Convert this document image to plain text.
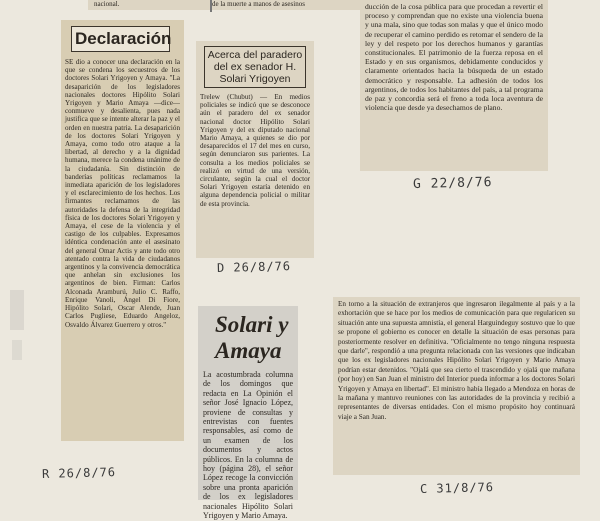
nacional.	de la muerte a manos de asesinos
Declaración

SE dio a conocer una declaración en la que se condena los secuestros de los doctores Solari Yrigoyen y Amaya. "La desaparición de los legisladores nacionales doctores Hipólito Solari Yrigoyen y Mario Amaya —dice— conmueve y desalienta, pues nada justifica que se intente alterar la paz y el orden en nuestra patria. La desaparición de los doctores Solari Yrigoyen y Amaya, como todo otro ataque a la libertad, al derecho y a la dignidad humana, merece la condena unánime de la ciudadanía. Sin distinción de banderías políticas reclamamos la inmediata aparición de los legisladores y el esclarecimiento de los hechos. Los firmantes reclamamos de las autoridades la defensa de la integridad física de los doctores Solari Yrigoyen y Amaya, el cese de la violencia y el castigo de los culpables. Expresamos idéntica condenación ante el asesinato del general Omar Actis y ante todo otro atentado contra la vida de ciudadanos argentinos y la convivencia democrática que anhelan sin exclusiones los argentinos de bien. Firman: Carlos Alconada Aramburú, Julio C. Raffo, Enrique Vanoli, Ángel Di Fiore, Hipólito Solari, Oscar Alende, Juan Carlos Pugliese, Eduardo Angeloz, Osvaldo Álvarez Guerrero y otros."

R 26/8/76
Acerca del paradero del ex senador H. Solari Yrigoyen

Trelew (Chubut) — En medios policiales se indicó que se desconoce aún el paradero del ex senador nacional doctor Hipólito Solari Yrigoyen y del ex diputado nacional Mario Amaya, a quienes se dio por desaparecidos el 17 del mes en curso, según denunciaron sus parientes. La consulta a los medios policiales se realizó en virtud de una versión, circulante, según la cual el doctor Solari Yrigoyen estaría detenido en alguna dependencia policial o militar de esta provincia.

D 26/8/76

ducción de la cosa pública para que procedan a revertir el proceso y comprendan que no existe una violencia buena y una mala, sino que todas son malas y que el único modo de recuperar el camino perdido es retomar el sendero de la ley y del respeto por los derechos humanos y garantías constitucionales. El patrimonio de la fuerza reposa en el Estado y en sus organismos, debidamente conducidos y claramente orientados hacia la búsqueda de un estado democrático y responsable. La adhesión de todos los argentinos, de todos los habitantes del país, a tal programa de paz y concordia será el freno a toda loca aventura de violencia que desde ya desechamos de plano.

G 22/8/76
Solari y Amaya

La acostumbrada columna de los domingos que redacta en La Opinión el señor José Ignacio López, proviene de consultas y entrevistas con fuentes responsables, así como de un examen de los documentos y actos públicos. En la columna de hoy (página 28), el señor López recoge la convicción sobre una pronta aparición de los ex legisladores nacionales Hipólito Solari Yrigoyen y Mario Amaya.

En torno a la situación de extranjeros que ingresaron ilegalmente al país y a la exhortación que se hace por los medios de comunicación para que regularicen su situación ante una supuesta amnistía, el general Harguindeguy sostuvo que lo que se propone el gobierno es conocer en detalle la situación de esas personas para posteriormente resolver en definitiva. "Oficialmente no tengo ninguna respuesta que darle", respondió a una pregunta relacionada con las versiones que indicaban que los ex legisladores nacionales Hipólito Solari Yrigoyen y Mario Amaya podrían estar detenidos. "Ojalá que sea cierto el trascendido y ojalá que mañana (por hoy) en San Juan el ministro del Interior pueda informar a los doctores Solari Yrigoyen y Amaya en libertad". El ministro había llegado a Mendoza en horas de la mañana y mantuvo reuniones con las autoridades de la provincia y recibió a representantes de diversas entidades. Con el mismo propósito hoy continuará viaje a San Juan.

C 31/8/76
